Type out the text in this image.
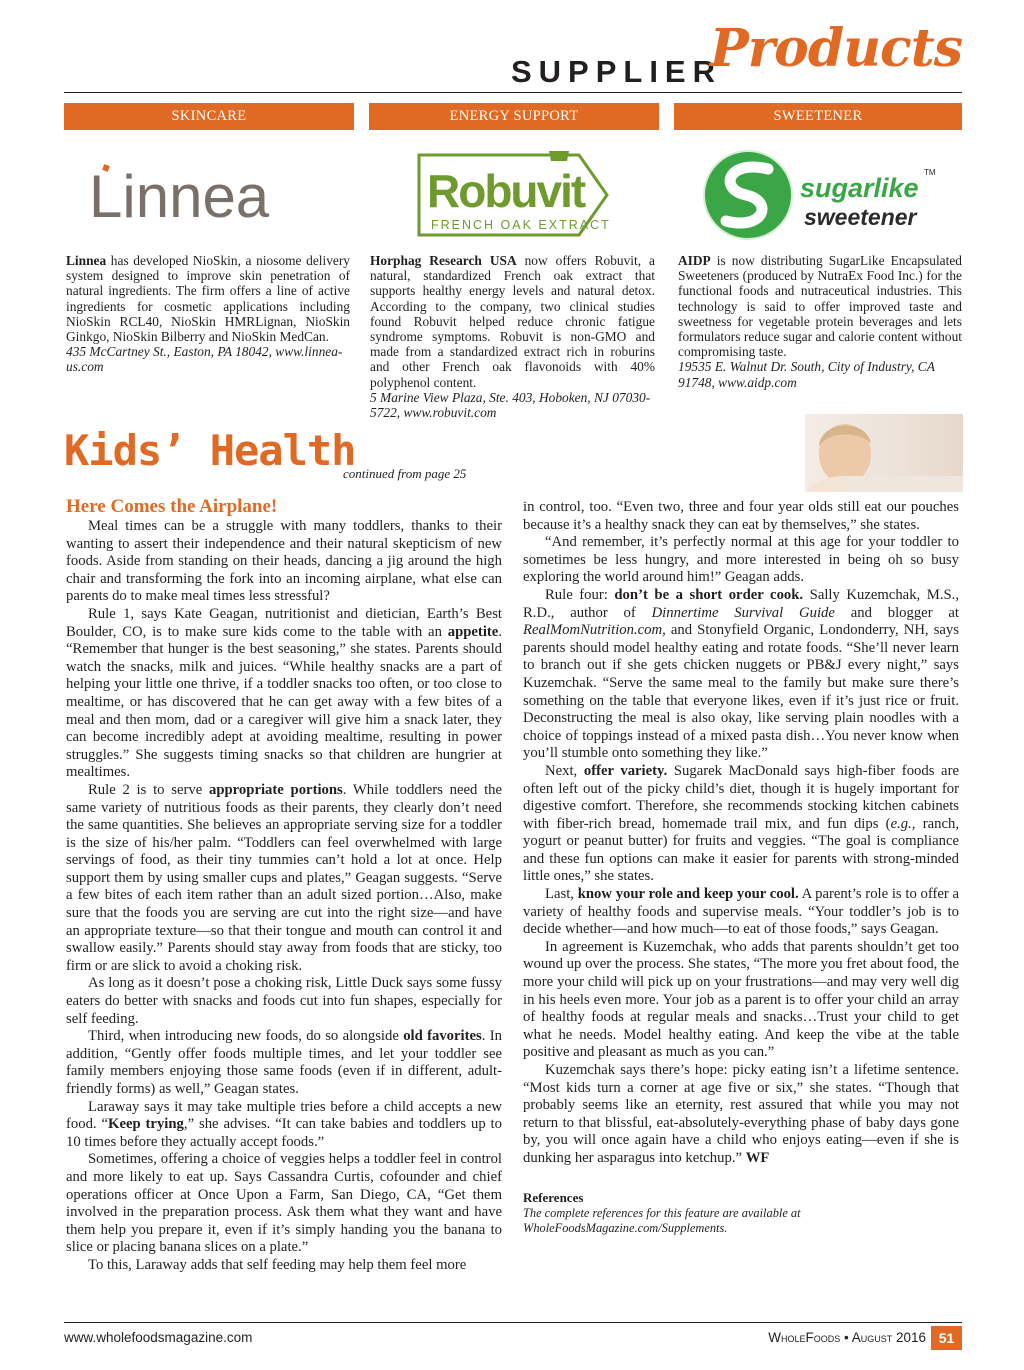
SUPPLIER
Products
SKINCARE	ENERGY SUPPORT	SWEETENER
Linnea	Robuvit
FRENCH OAK EXTRACT
sugarlike
TM
sweetener
Linnea has developed NioSkin, a niosome delivery system designed to improve skin penetration of natural ingredients. The firm offers a line of active ingredients for cosmetic applications including NioSkin RCL40, NioSkin HMRLignan, NioSkin Ginkgo, NioSkin Bilberry and NioSkin MedCan.
435 McCartney St., Easton, PA 18042, www.linnea-us.com
Horphag Research USA now offers Robuvit, a natural, standardized French oak extract that supports healthy energy levels and natural detox. According to the company, two clinical studies found Robuvit helped reduce chronic fatigue syndrome symptoms. Robuvit is non-GMO and made from a standardized extract rich in roburins and other French oak flavonoids with 40% polyphenol content.
5 Marine View Plaza, Ste. 403, Hoboken, NJ 07030-5722, www.robuvit.com
AIDP is now distributing SugarLike Encapsulated Sweeteners (produced by NutraEx Food Inc.) for the functional foods and nutraceutical industries. This technology is said to offer improved taste and sweetness for vegetable protein beverages and lets formulators reduce sugar and calorie content without compromising taste.
19535 E. Walnut Dr. South, City of Industry, CA 91748, www.aidp.com
Kids’ Health
continued from page 25
Here Comes the Airplane!

Meal times can be a struggle with many toddlers, thanks to their wanting to assert their independence and their natural skepticism of new foods. Aside from standing on their heads, dancing a jig around the high chair and transforming the fork into an incoming airplane, what else can parents do to make meal times less stressful?

Rule 1, says Kate Geagan, nutritionist and dietician, Earth’s Best Boulder, CO, is to make sure kids come to the table with an appetite. “Remember that hunger is the best seasoning,” she states. Parents should watch the snacks, milk and juices. “While healthy snacks are a part of helping your little one thrive, if a toddler snacks too often, or too close to mealtime, or has discovered that he can get away with a few bites of a meal and then mom, dad or a caregiver will give him a snack later, they can become incredibly adept at avoiding mealtime, resulting in power struggles.” She suggests timing snacks so that children are hungrier at mealtimes.

Rule 2 is to serve appropriate portions. While toddlers need the same variety of nutritious foods as their parents, they clearly don’t need the same quantities. She believes an appropriate serving size for a toddler is the size of his/her palm. “Toddlers can feel overwhelmed with large servings of food, as their tiny tummies can’t hold a lot at once. Help support them by using smaller cups and plates,” Geagan suggests. “Serve a few bites of each item rather than an adult sized portion…Also, make sure that the foods you are serving are cut into the right size—and have an appropriate texture—so that their tongue and mouth can control it and swallow easily.” Parents should stay away from foods that are sticky, too firm or are slick to avoid a choking risk.

As long as it doesn’t pose a choking risk, Little Duck says some fussy eaters do better with snacks and foods cut into fun shapes, especially for self feeding.

Third, when introducing new foods, do so alongside old favorites. In addition, “Gently offer foods multiple times, and let your toddler see family members enjoying those same foods (even if in different, adult-friendly forms) as well,” Geagan states.

Laraway says it may take multiple tries before a child accepts a new food. “Keep trying,” she advises. “It can take babies and toddlers up to 10 times before they actually accept foods.”

Sometimes, offering a choice of veggies helps a toddler feel in control and more likely to eat up. Says Cassandra Curtis, cofounder and chief operations officer at Once Upon a Farm, San Diego, CA, “Get them involved in the preparation process. Ask them what they want and have them help you prepare it, even if it’s simply handing you the banana to slice or placing banana slices on a plate.”

To this, Laraway adds that self feeding may help them feel more

in control, too. “Even two, three and four year olds still eat our pouches because it’s a healthy snack they can eat by themselves,” she states.

“And remember, it’s perfectly normal at this age for your toddler to sometimes be less hungry, and more interested in being oh so busy exploring the world around him!” Geagan adds.

Rule four: don’t be a short order cook. Sally Kuzemchak, M.S., R.D., author of Dinnertime Survival Guide and blogger at RealMomNutrition.com, and Stonyfield Organic, Londonderry, NH, says parents should model healthy eating and rotate foods. “She’ll never learn to branch out if she gets chicken nuggets or PB&J every night,” says Kuzemchak. “Serve the same meal to the family but make sure there’s something on the table that everyone likes, even if it’s just rice or fruit. Deconstructing the meal is also okay, like serving plain noodles with a choice of toppings instead of a mixed pasta dish…You never know when you’ll stumble onto something they like.”

Next, offer variety. Sugarek MacDonald says high-fiber foods are often left out of the picky child’s diet, though it is hugely important for digestive comfort. Therefore, she recommends stocking kitchen cabinets with fiber-rich bread, homemade trail mix, and fun dips (e.g., ranch, yogurt or peanut butter) for fruits and veggies. “The goal is compliance and these fun options can make it easier for parents with strong-minded little ones,” she states.

Last, know your role and keep your cool. A parent’s role is to offer a variety of healthy foods and supervise meals. “Your toddler’s job is to decide whether—and how much—to eat of those foods,” says Geagan.

In agreement is Kuzemchak, who adds that parents shouldn’t get too wound up over the process. She states, “The more you fret about food, the more your child will pick up on your frustrations—and may very well dig in his heels even more. Your job as a parent is to offer your child an array of healthy foods at regular meals and snacks…Trust your child to get what he needs. Model healthy eating. And keep the vibe at the table positive and pleasant as much as you can.”

Kuzemchak says there’s hope: picky eating isn’t a lifetime sentence. “Most kids turn a corner at age five or six,” she states. “Though that probably seems like an eternity, rest assured that while you may not return to that blissful, eat-absolutely-everything phase of baby days gone by, you will once again have a child who enjoys eating—even if she is dunking her asparagus into ketchup.” WF

References
The complete references for this feature are available at WholeFoodsMagazine.com/Supplements.
www.wholefoodsmagazine.com	WholeFoods • August 2016 51
